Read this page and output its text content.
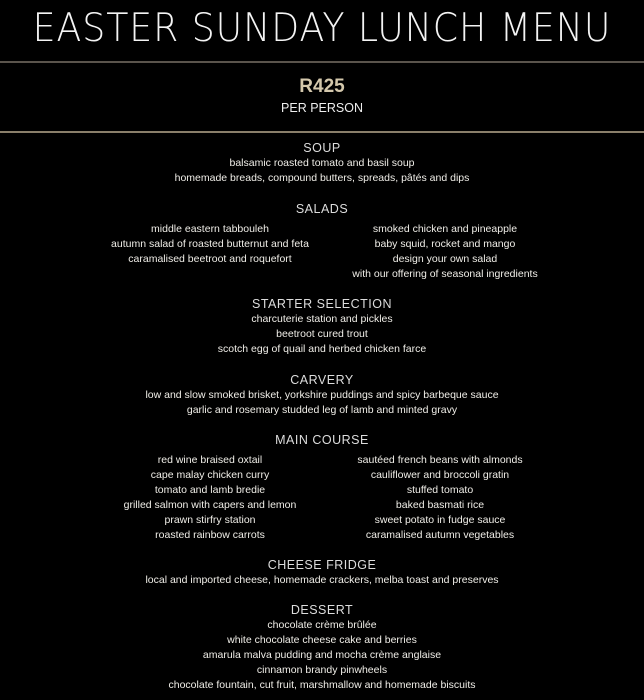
EASTER SUNDAY LUNCH MENU
R425
PER PERSON
SOUP
balsamic roasted tomato and basil soup
homemade breads, compound butters, spreads, pâtés and dips
SALADS
middle eastern tabbouleh
autumn salad of roasted butternut and feta
caramalised beetroot and roquefort
smoked chicken and pineapple
baby squid, rocket and mango
design your own salad
with our offering of seasonal ingredients
STARTER SELECTION
charcuterie station and pickles
beetroot cured trout
scotch egg of quail and herbed chicken farce
CARVERY
low and slow smoked brisket, yorkshire puddings and spicy barbeque sauce
garlic and rosemary studded leg of lamb and minted gravy
MAIN COURSE
red wine braised oxtail
cape malay chicken curry
tomato and lamb bredie
grilled salmon with capers and lemon
prawn stirfry station
roasted rainbow carrots
sautéed french beans with almonds
cauliflower and broccoli gratin
stuffed tomato
baked basmati rice
sweet potato in fudge sauce
caramalised autumn vegetables
CHEESE FRIDGE
local and imported cheese, homemade crackers, melba toast and preserves
DESSERT
chocolate crème brûlée
white chocolate cheese cake and berries
amarula malva pudding and mocha crème anglaise
cinnamon brandy pinwheels
chocolate fountain, cut fruit, marshmallow and homemade biscuits
